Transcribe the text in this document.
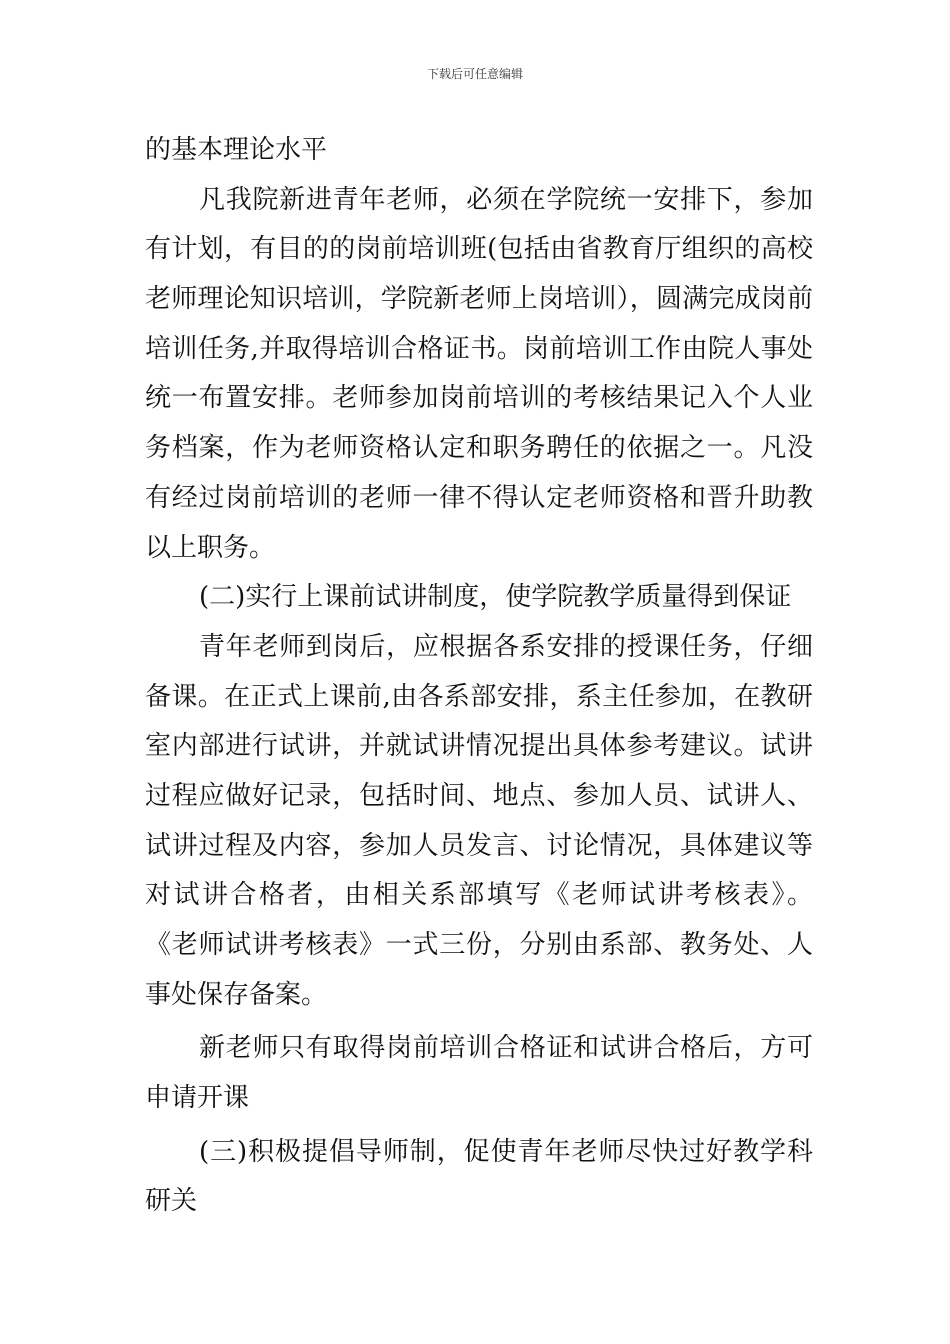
下载后可任意编辑
的基本理论水平
凡我院新进青年老师，必须在学院统一安排下，参加
有计划，有目的的岗前培训班(包括由省教育厅组织的高校
老师理论知识培训，学院新老师上岗培训），圆满完成岗前
培训任务,并取得培训合格证书。岗前培训工作由院人事处
统一布置安排。老师参加岗前培训的考核结果记入个人业
务档案，作为老师资格认定和职务聘任的依据之一。凡没
有经过岗前培训的老师一律不得认定老师资格和晋升助教
以上职务。
(二)实行上课前试讲制度，使学院教学质量得到保证
青年老师到岗后，应根据各系安排的授课任务，仔细
备课。在正式上课前,由各系部安排，系主任参加，在教研
室内部进行试讲，并就试讲情况提出具体参考建议。试讲
过程应做好记录，包括时间、地点、参加人员、试讲人、
试讲过程及内容，参加人员发言、讨论情况，具体建议等
对试讲合格者，由相关系部填写《老师试讲考核表》。
《老师试讲考核表》一式三份，分别由系部、教务处、人
事处保存备案。
新老师只有取得岗前培训合格证和试讲合格后，方可
申请开课
(三)积极提倡导师制，促使青年老师尽快过好教学科
研关
